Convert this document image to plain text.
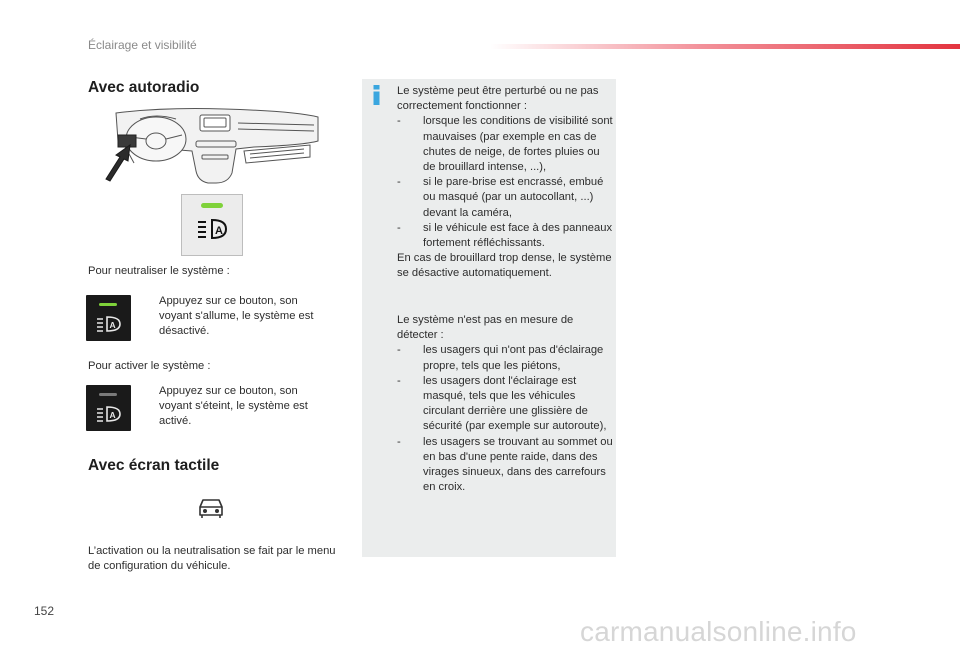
Éclairage et visibilité
Avec autoradio
A
Pour neutraliser le système :
A
Appuyez sur ce bouton, son voyant s'allume, le système est désactivé.
Pour activer le système :
A
Appuyez sur ce bouton, son voyant s'éteint, le système est activé.
Avec écran tactile
L’activation ou la neutralisation se fait par le menu de configuration du véhicule.
Le système peut être perturbé ou ne pas correctement fonctionner :
-	lorsque les conditions de visibilité sont mauvaises (par exemple en cas de chutes de neige, de fortes pluies ou de brouillard intense, ...),
-	si le pare-brise est encrassé, embué ou masqué (par un autocollant, ...) devant la caméra,
-	si le véhicule est face à des panneaux fortement réfléchissants.
En cas de brouillard trop dense, le système se désactive automatiquement.
Le système n'est pas en mesure de détecter :
-	les usagers qui n'ont pas d'éclairage propre, tels que les piétons,
-	les usagers dont l'éclairage est masqué, tels que les véhicules circulant derrière une glissière de sécurité (par exemple sur autoroute),
-	les usagers se trouvant au sommet ou en bas d'une pente raide, dans des virages sinueux, dans des carrefours en croix.
152
carmanualsonline.info
